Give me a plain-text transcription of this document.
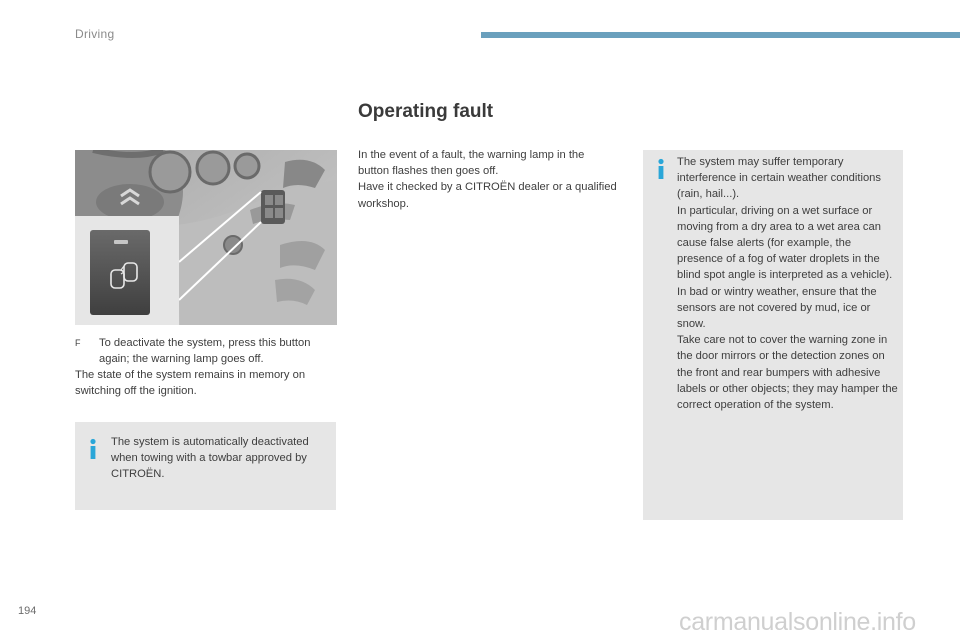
Driving
Operating fault
F	To deactivate the system, press this button again; the warning lamp goes off.
The state of the system remains in memory on switching off the ignition.
The system is automatically deactivated when towing with a towbar approved by CITROËN.
In the event of a fault, the warning lamp in the button flashes then goes off.
Have it checked by a CITROËN dealer or a qualified workshop.
The system may suffer temporary interference in certain weather conditions (rain, hail...).
In particular, driving on a wet surface or moving from a dry area to a wet area can cause false alerts (for example, the presence of a fog of water droplets in the blind spot angle is interpreted as a vehicle).
In bad or wintry weather, ensure that the sensors are not covered by mud, ice or snow.
Take care not to cover the warning zone in the door mirrors or the detection zones on the front and rear bumpers with adhesive labels or other objects; they may hamper the correct operation of the system.
194	carmanualsonline.info
